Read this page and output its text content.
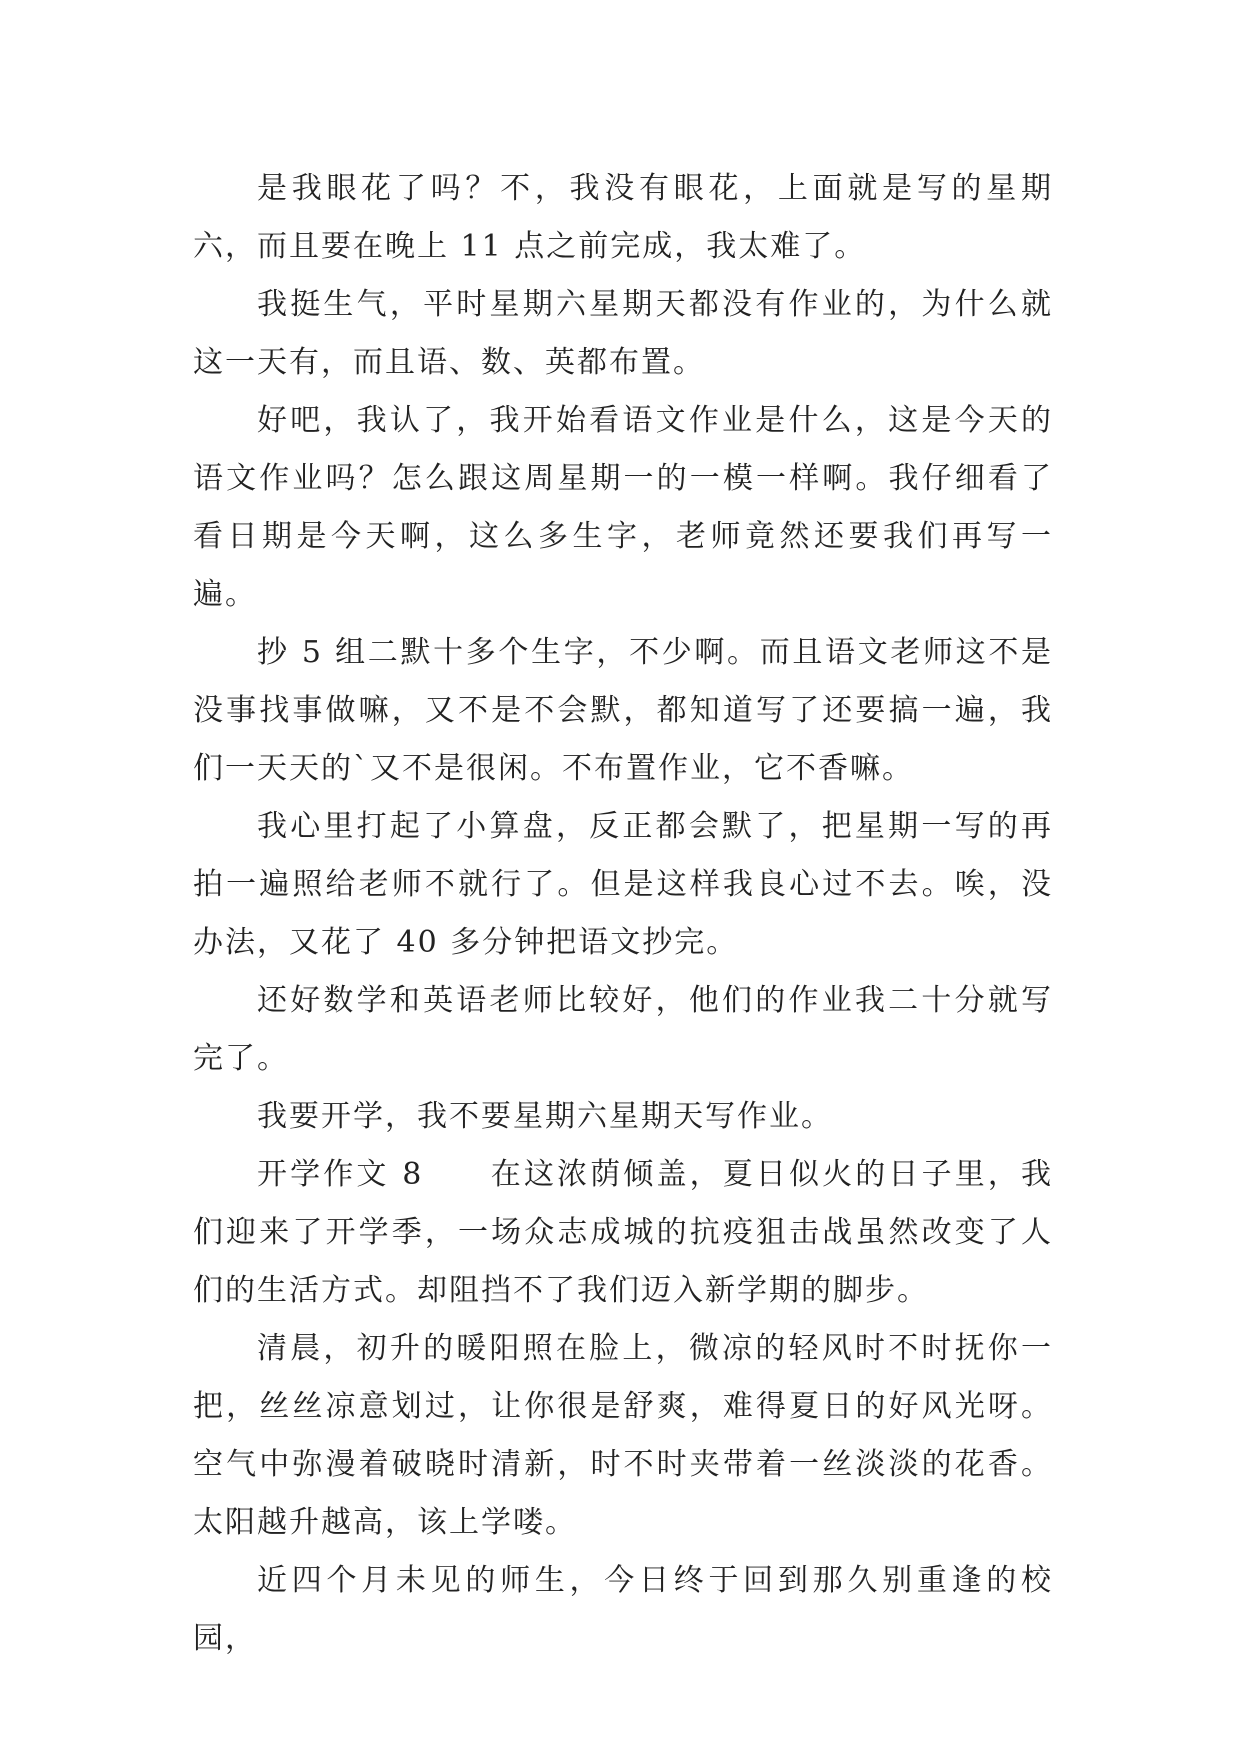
是我眼花了吗？不，我没有眼花，上面就是写的星期六，而且要在晚上 11 点之前完成，我太难了。

我挺生气，平时星期六星期天都没有作业的，为什么就这一天有，而且语、数、英都布置。

好吧，我认了，我开始看语文作业是什么，这是今天的语文作业吗？怎么跟这周星期一的一模一样啊。我仔细看了看日期是今天啊，这么多生字，老师竟然还要我们再写一遍。

抄 5 组二默十多个生字，不少啊。而且语文老师这不是没事找事做嘛，又不是不会默，都知道写了还要搞一遍，我们一天天的`又不是很闲。不布置作业，它不香嘛。

我心里打起了小算盘，反正都会默了，把星期一写的再拍一遍照给老师不就行了。但是这样我良心过不去。唉，没办法，又花了 40 多分钟把语文抄完。

还好数学和英语老师比较好，他们的作业我二十分就写完了。

我要开学，我不要星期六星期天写作业。

开学作文 8　　在这浓荫倾盖，夏日似火的日子里，我们迎来了开学季，一场众志成城的抗疫狙击战虽然改变了人们的生活方式。却阻挡不了我们迈入新学期的脚步。

清晨，初升的暖阳照在脸上，微凉的轻风时不时抚你一把，丝丝凉意划过，让你很是舒爽，难得夏日的好风光呀。空气中弥漫着破晓时清新，时不时夹带着一丝淡淡的花香。太阳越升越高，该上学喽。

近四个月未见的师生，今日终于回到那久别重逢的校园，
